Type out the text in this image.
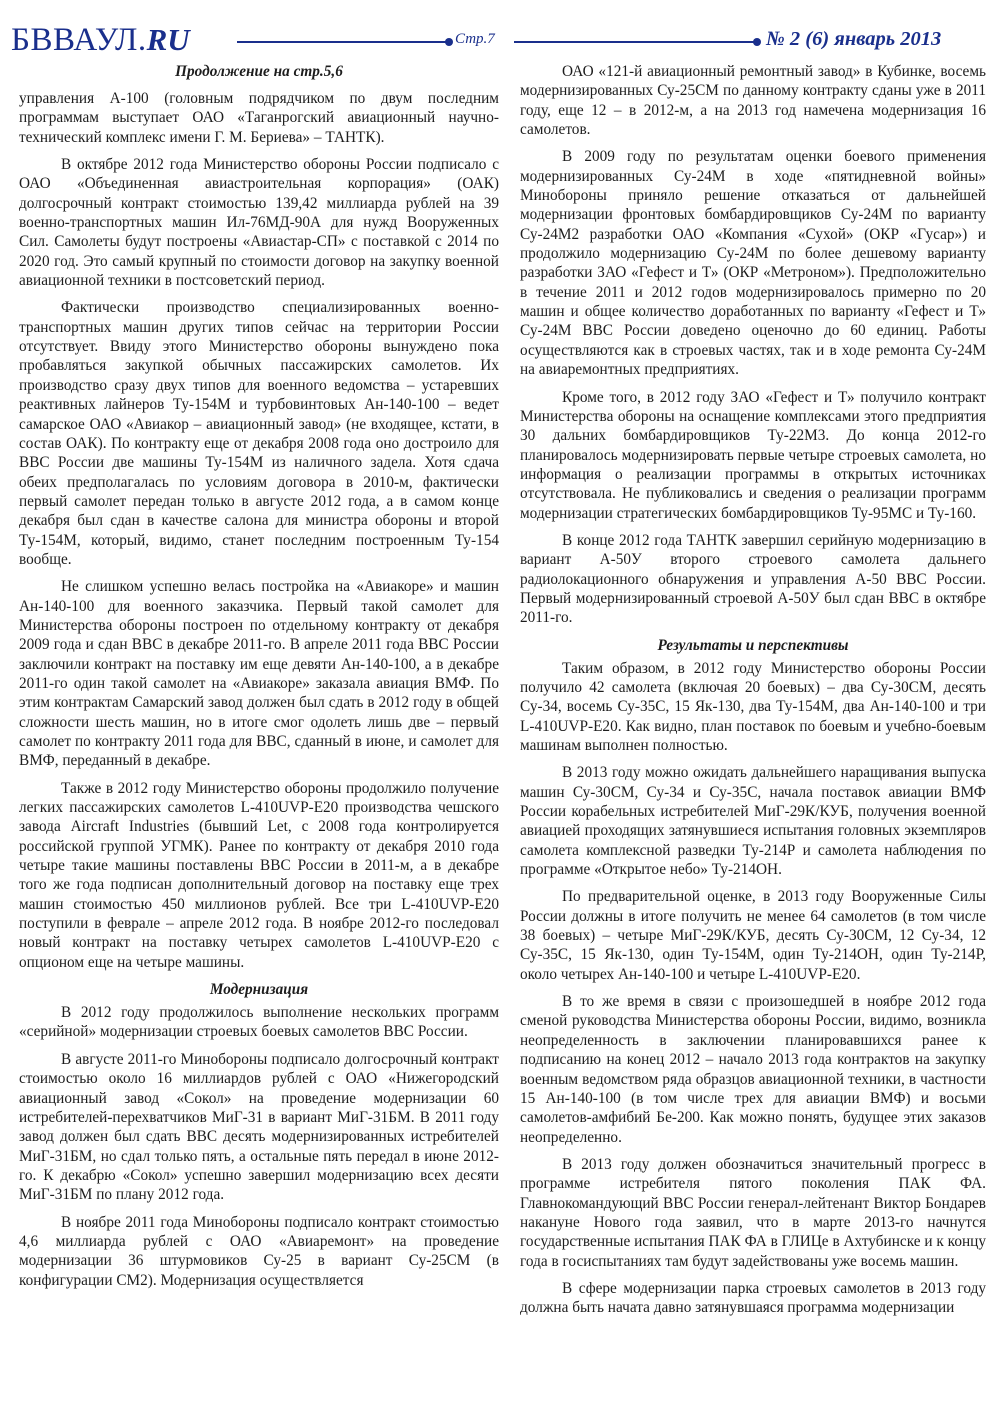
БВВАУЛ.RU	Стр.7	№ 2 (6) январь 2013
Продолжение на стр.5,6

управления А-100 (головным подрядчиком по двум последним программам выступает ОАО «Таганрогский авиационный научно-технический комплекс имени Г. М. Бериева» – ТАНТК).

В октябре 2012 года Министерство обороны России подписало с ОАО «Объединенная авиастроительная корпорация» (ОАК) долгосрочный контракт стоимостью 139,42 миллиарда рублей на 39 военно-транспортных машин Ил-76МД-90А для нужд Вооруженных Сил. Самолеты будут построены «Авиастар-СП» с поставкой с 2014 по 2020 год. Это самый крупный по стоимости договор на закупку военной авиационной техники в постсоветский период.

Фактически производство специализированных военно-транспортных машин других типов сейчас на территории России отсутствует. Ввиду этого Министерство обороны вынуждено пока пробавляться закупкой обычных пассажирских самолетов. Их производство сразу двух типов для военного ведомства – устаревших реактивных лайнеров Ту-154М и турбовинтовых Ан-140-100 – ведет самарское ОАО «Авиакор – авиационный завод» (не входящее, кстати, в состав ОАК). По контракту еще от декабря 2008 года оно достроило для ВВС России две машины Ту-154М из наличного задела. Хотя сдача обеих предполагалась по условиям договора в 2010-м, фактически первый самолет передан только в августе 2012 года, а в самом конце декабря был сдан в качестве салона для министра обороны и второй Ту-154М, который, видимо, станет последним построенным Ту-154 вообще.

Не слишком успешно велась постройка на «Авиакоре» и машин Ан-140-100 для военного заказчика. Первый такой самолет для Министерства обороны построен по отдельному контракту от декабря 2009 года и сдан ВВС в декабре 2011-го. В апреле 2011 года ВВС России заключили контракт на поставку им еще девяти Ан-140-100, а в декабре 2011-го один такой самолет на «Авиакоре» заказала авиация ВМФ. По этим контрактам Самарский завод должен был сдать в 2012 году в общей сложности шесть машин, но в итоге смог одолеть лишь две – первый самолет по контракту 2011 года для ВВС, сданный в июне, и самолет для ВМФ, переданный в декабре.

Также в 2012 году Министерство обороны продолжило получение легких пассажирских самолетов L-410UVP-E20 производства чешского завода Aircraft Industries (бывший Let, с 2008 года контролируется российской группой УГМК). Ранее по контракту от декабря 2010 года четыре такие машины поставлены ВВС России в 2011-м, а в декабре того же года подписан дополнительный договор на поставку еще трех машин стоимостью 450 миллионов рублей. Все три L-410UVP-E20 поступили в феврале – апреле 2012 года. В ноябре 2012-го последовал новый контракт на поставку четырех самолетов L-410UVP-E20 с опционом еще на четыре машины.

Модернизация

В 2012 году продолжилось выполнение нескольких программ «серийной» модернизации строевых боевых самолетов ВВС России.

В августе 2011-го Минобороны подписало долгосрочный контракт стоимостью около 16 миллиардов рублей с ОАО «Нижегородский авиационный завод «Сокол» на проведение модернизации 60 истребителей-перехватчиков МиГ-31 в вариант МиГ-31БМ. В 2011 году завод должен был сдать ВВС десять модернизированных истребителей МиГ-31БМ, но сдал только пять, а остальные пять передал в июне 2012-го. К декабрю «Сокол» успешно завершил модернизацию всех десяти МиГ-31БМ по плану 2012 года.

В ноябре 2011 года Минобороны подписало контракт стоимостью 4,6 миллиарда рублей с ОАО «Авиаремонт» на проведение модернизации 36 штурмовиков Су-25 в вариант Су-25СМ (в конфигурации СМ2). Модернизация осуществляется

ОАО «121-й авиационный ремонтный завод» в Кубинке, восемь модернизированных Су-25СМ по данному контракту сданы уже в 2011 году, еще 12 – в 2012-м, а на 2013 год намечена модернизация 16 самолетов.

В 2009 году по результатам оценки боевого применения модернизированных Су-24М в ходе «пятидневной войны» Минобороны приняло решение отказаться от дальнейшей модернизации фронтовых бомбардировщиков Су-24М по варианту Су-24М2 разработки ОАО «Компания «Сухой» (ОКР «Гусар») и продолжило модернизацию Су-24М по более дешевому варианту разработки ЗАО «Гефест и Т» (ОКР «Метроном»). Предположительно в течение 2011 и 2012 годов модернизировалось примерно по 20 машин и общее количество доработанных по варианту «Гефест и Т» Су-24М ВВС России доведено оценочно до 60 единиц. Работы осуществляются как в строевых частях, так и в ходе ремонта Су-24М на авиаремонтных предприятиях.

Кроме того, в 2012 году ЗАО «Гефест и Т» получило контракт Министерства обороны на оснащение комплексами этого предприятия 30 дальних бомбардировщиков Ту-22М3. До конца 2012-го планировалось модернизировать первые четыре строевых самолета, но информация о реализации программы в открытых источниках отсутствовала. Не публиковались и сведения о реализации программ модернизации стратегических бомбардировщиков Ту-95МС и Ту-160.

В конце 2012 года ТАНТК завершил серийную модернизацию в вариант А-50У второго строевого самолета дальнего радиолокационного обнаружения и управления А-50 ВВС России. Первый модернизированный строевой А-50У был сдан ВВС в октябре 2011-го.

Результаты и перспективы

Таким образом, в 2012 году Министерство обороны России получило 42 самолета (включая 20 боевых) – два Су-30СМ, десять Су-34, восемь Су-35С, 15 Як-130, два Ту-154М, два Ан-140-100 и три L-410UVP-E20. Как видно, план поставок по боевым и учебно-боевым машинам выполнен полностью.

В 2013 году можно ожидать дальнейшего наращивания выпуска машин Су-30СМ, Су-34 и Су-35С, начала поставок авиации ВМФ России корабельных истребителей МиГ-29К/КУБ, получения военной авиацией проходящих затянувшиеся испытания головных экземпляров самолета комплексной разведки Ту-214Р и самолета наблюдения по программе «Открытое небо» Ту-214ОН.

По предварительной оценке, в 2013 году Вооруженные Силы России должны в итоге получить не менее 64 самолетов (в том числе 38 боевых) – четыре МиГ-29К/КУБ, десять Су-30СМ, 12 Су-34, 12 Су-35С, 15 Як-130, один Ту-154М, один Ту-214ОН, один Ту-214Р, около четырех Ан-140-100 и четыре L-410UVP-E20.

В то же время в связи с произошедшей в ноябре 2012 года сменой руководства Министерства обороны России, видимо, возникла неопределенность в заключении планировавшихся ранее к подписанию на конец 2012 – начало 2013 года контрактов на закупку военным ведомством ряда образцов авиационной техники, в частности 15 Ан-140-100 (в том числе трех для авиации ВМФ) и восьми самолетов-амфибий Бе-200. Как можно понять, будущее этих заказов неопределенно.

В 2013 году должен обозначиться значительный прогресс в программе истребителя пятого поколения ПАК ФА. Главнокомандующий ВВС России генерал-лейтенант Виктор Бондарев накануне Нового года заявил, что в марте 2013-го начнутся государственные испытания ПАК ФА в ГЛИЦе в Ахтубинске и к концу года в госиспытаниях там будут задействованы уже восемь машин.

В сфере модернизации парка строевых самолетов в 2013 году должна быть начата давно затянувшаяся программа модернизации
